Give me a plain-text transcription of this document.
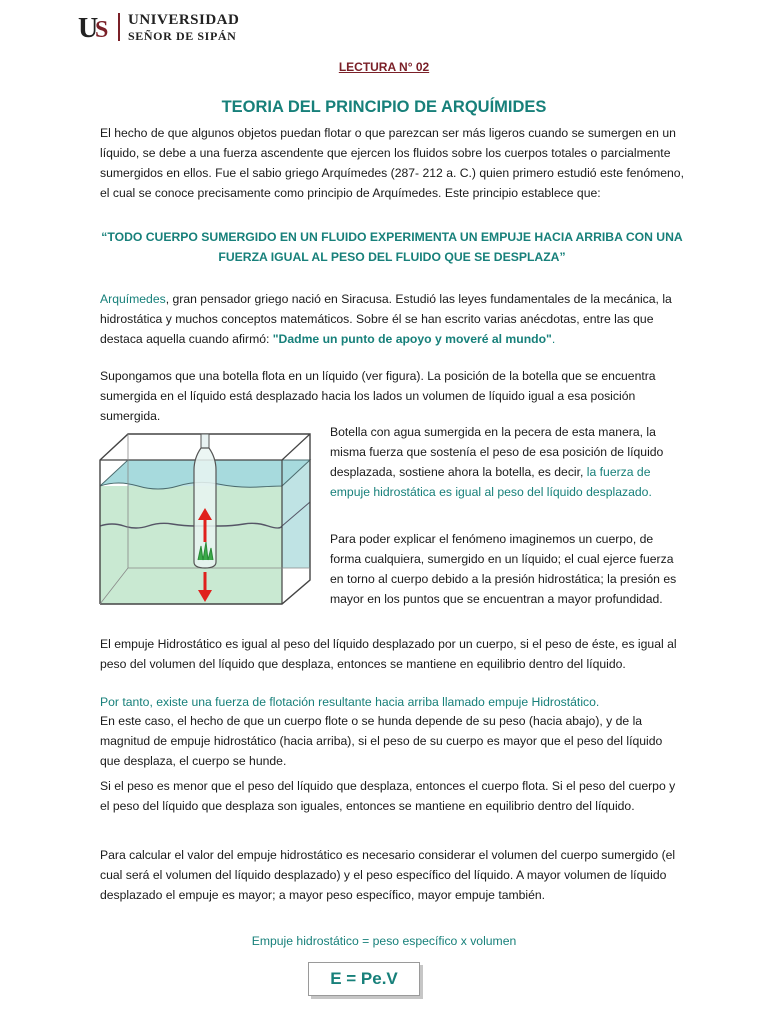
U
S UNIVERSIDAD
SEÑOR DE SIPÁN
LECTURA N° 02
TEORIA DEL PRINCIPIO DE ARQUÍMIDES
El hecho de que algunos objetos puedan flotar o que parezcan ser más ligeros cuando se sumergen en un líquido, se debe a una fuerza ascendente que ejercen los fluidos sobre los cuerpos totales o parcialmente sumergidos en ellos. Fue el sabio griego Arquímedes (287- 212 a. C.) quien primero estudió este fenómeno, el cual se conoce precisamente como principio de Arquímedes. Este principio establece que:
“TODO CUERPO SUMERGIDO EN UN FLUIDO EXPERIMENTA UN EMPUJE HACIA ARRIBA CON UNA FUERZA IGUAL AL PESO DEL FLUIDO QUE SE DESPLAZA”
Arquímedes, gran pensador griego nació en Siracusa. Estudió las leyes fundamentales de la mecánica, la hidrostática y muchos conceptos matemáticos. Sobre él se han escrito varias anécdotas, entre las que destaca aquella cuando afirmó: "Dadme un punto de apoyo y moveré al mundo".
Supongamos que una botella flota en un líquido (ver figura). La posición de la botella que se encuentra sumergida en el líquido está desplazado hacia los lados un volumen de líquido igual a esa posición sumergida.
Botella con agua sumergida en la pecera de esta manera, la misma fuerza que sostenía el peso de esa posición de líquido desplazada, sostiene ahora la botella, es decir, la fuerza de empuje hidrostática es igual al peso del líquido desplazado.
Para poder explicar el fenómeno imaginemos un cuerpo, de forma cualquiera, sumergido en un líquido; el cual ejerce fuerza en torno al cuerpo debido a la presión hidrostática; la presión es mayor en los puntos que se encuentran a mayor profundidad.
El empuje Hidrostático es igual al peso del líquido desplazado por un cuerpo, si el peso de éste, es igual al peso del volumen del líquido que desplaza, entonces se mantiene en equilibrio dentro del líquido.
Por tanto, existe una fuerza de flotación resultante hacia arriba llamado empuje Hidrostático.
En este caso, el hecho de que un cuerpo flote o se hunda depende de su peso (hacia abajo), y de la magnitud de empuje hidrostático (hacia arriba), si el peso de su cuerpo es mayor que el peso del líquido que desplaza, el cuerpo se hunde.
Si el peso es menor que el peso del líquido que desplaza, entonces el cuerpo flota. Si el peso del cuerpo y el peso del líquido que desplaza son iguales, entonces se mantiene en equilibrio dentro del líquido.
Para calcular el valor del empuje hidrostático es necesario considerar el volumen del cuerpo sumergido (el cual será el volumen del líquido desplazado) y el peso específico del líquido. A mayor volumen de líquido desplazado el empuje es mayor; a mayor peso específico, mayor empuje también.
Empuje hidrostático = peso específico x volumen
E = Pe.V
